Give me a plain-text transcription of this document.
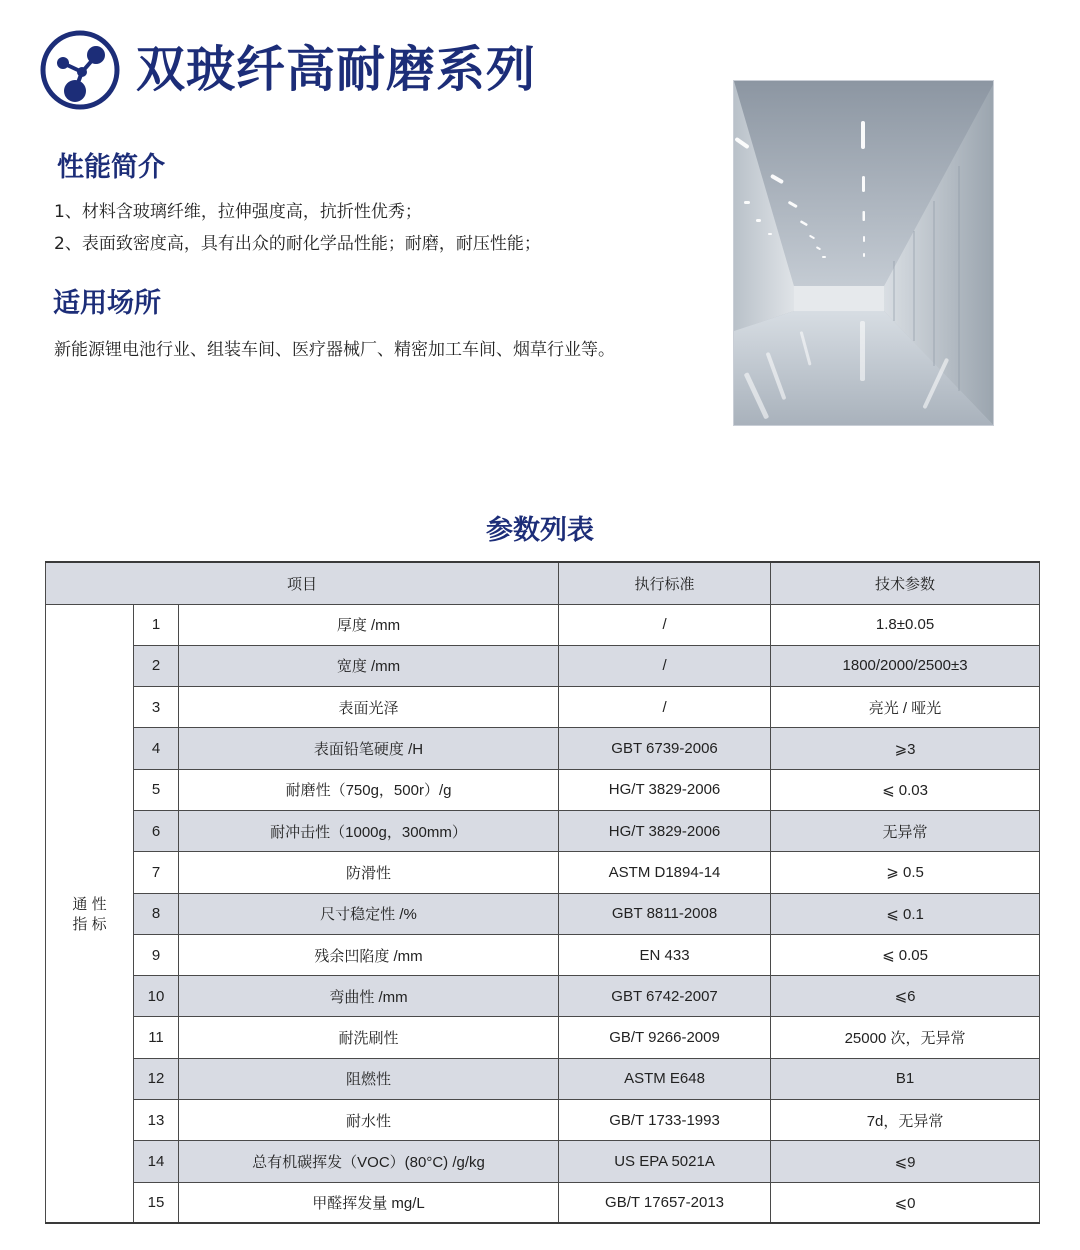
双玻纤高耐磨系列
性能简介
1、材料含玻璃纤维，拉伸强度高，抗折性优秀；
2、表面致密度高，具有出众的耐化学品性能；耐磨，耐压性能；
适用场所
新能源锂电池行业、组装车间、医疗器械厂、精密加工车间、烟草行业等。
参数列表
项目			执行标准	技术参数

通 性
指 标	1	厚度 /mm	/	1.8±0.05
	2	宽度 /mm	/	1800/2000/2500±3
	3	表面光泽	/	亮光 / 哑光
	4	表面铅笔硬度 /H	GBT 6739-2006	⩾3
	5	耐磨性（750g，500r）/g	HG/T 3829-2006	⩽ 0.03
	6	耐冲击性（1000g，300mm）	HG/T 3829-2006	无异常
	7	防滑性	ASTM D1894-14	⩾ 0.5
	8	尺寸稳定性 /%	GBT 8811-2008	⩽ 0.1
	9	残余凹陷度 /mm	EN 433	⩽ 0.05
	10	弯曲性 /mm	GBT 6742-2007	⩽6
	11	耐洗刷性	GB/T 9266-2009	25000 次，无异常
	12	阻燃性	ASTM E648	B1
	13	耐水性	GB/T 1733-1993	7d，无异常
	14	总有机碳挥发（VOC）(80°C) /g/kg	US EPA 5021A	⩽9
	15	甲醛挥发量 mg/L	GB/T 17657-2013	⩽0
